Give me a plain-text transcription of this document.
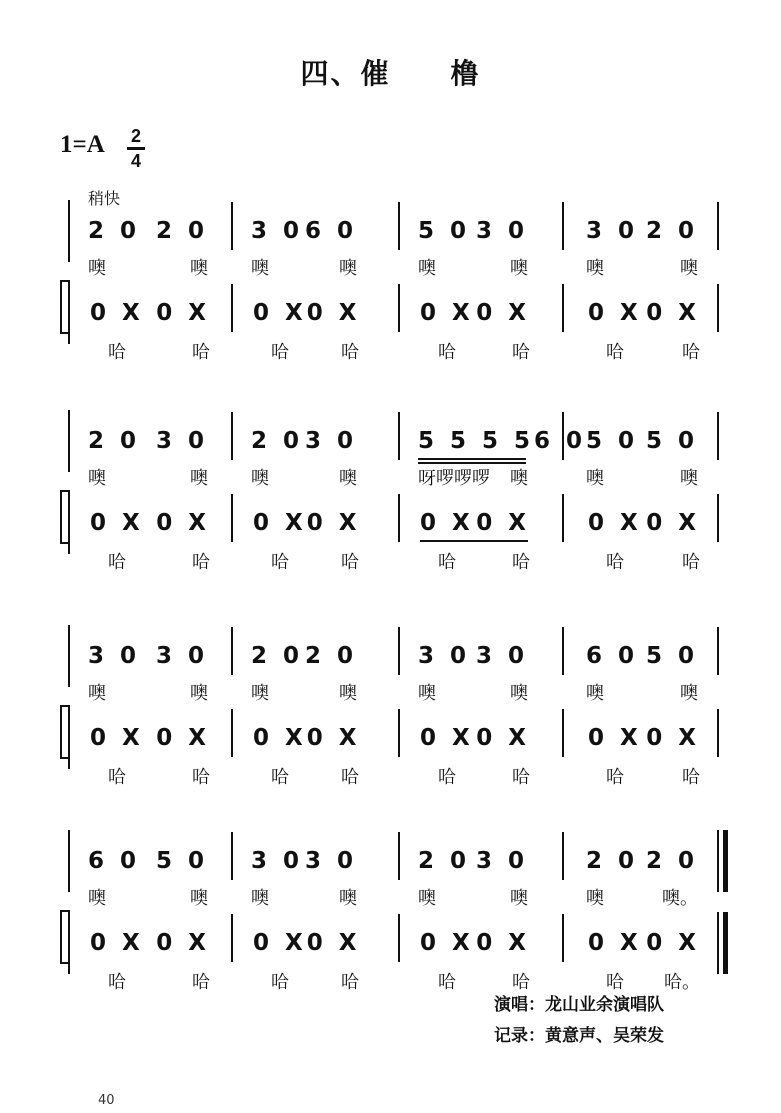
四、催　　橹
1=A 2
4
稍快
2 0 2 0
噢	噢
3 0 6 0
噢	噢
5 0 3 0
噢	噢
3 0 2 0
噢	噢
0 X 0 X
哈	哈
0 X 0 X
哈	哈
0 X 0 X
哈	哈
0 X 0 X
哈	哈
2 0 3 0
噢	噢
2 0 3 0
噢	噢
5 5 5 5 6 0
呀啰啰啰 噢
5 0 5 0
噢	噢
0 X 0 X
哈	哈
0 X 0 X
哈	哈
0 X 0 X
哈	哈
0 X 0 X
哈	哈
3 0 3 0
噢	噢
2 0 2 0
噢	噢
3 0 3 0
噢	噢
6 0 5 0
噢	噢
0 X 0 X
哈	哈
0 X 0 X
哈	哈
0 X 0 X
哈	哈
0 X 0 X
哈	哈
6 0 5 0
噢	噢
3 0 3 0
噢	噢
2 0 3 0
噢	噢
2 0 2 0
噢	噢。
0 X 0 X
哈	哈
0 X 0 X
哈	哈
0 X 0 X
哈	哈
0 X 0 X
哈 哈。
演唱：龙山业余演唱队
记录：黄意声、吴荣发
40
